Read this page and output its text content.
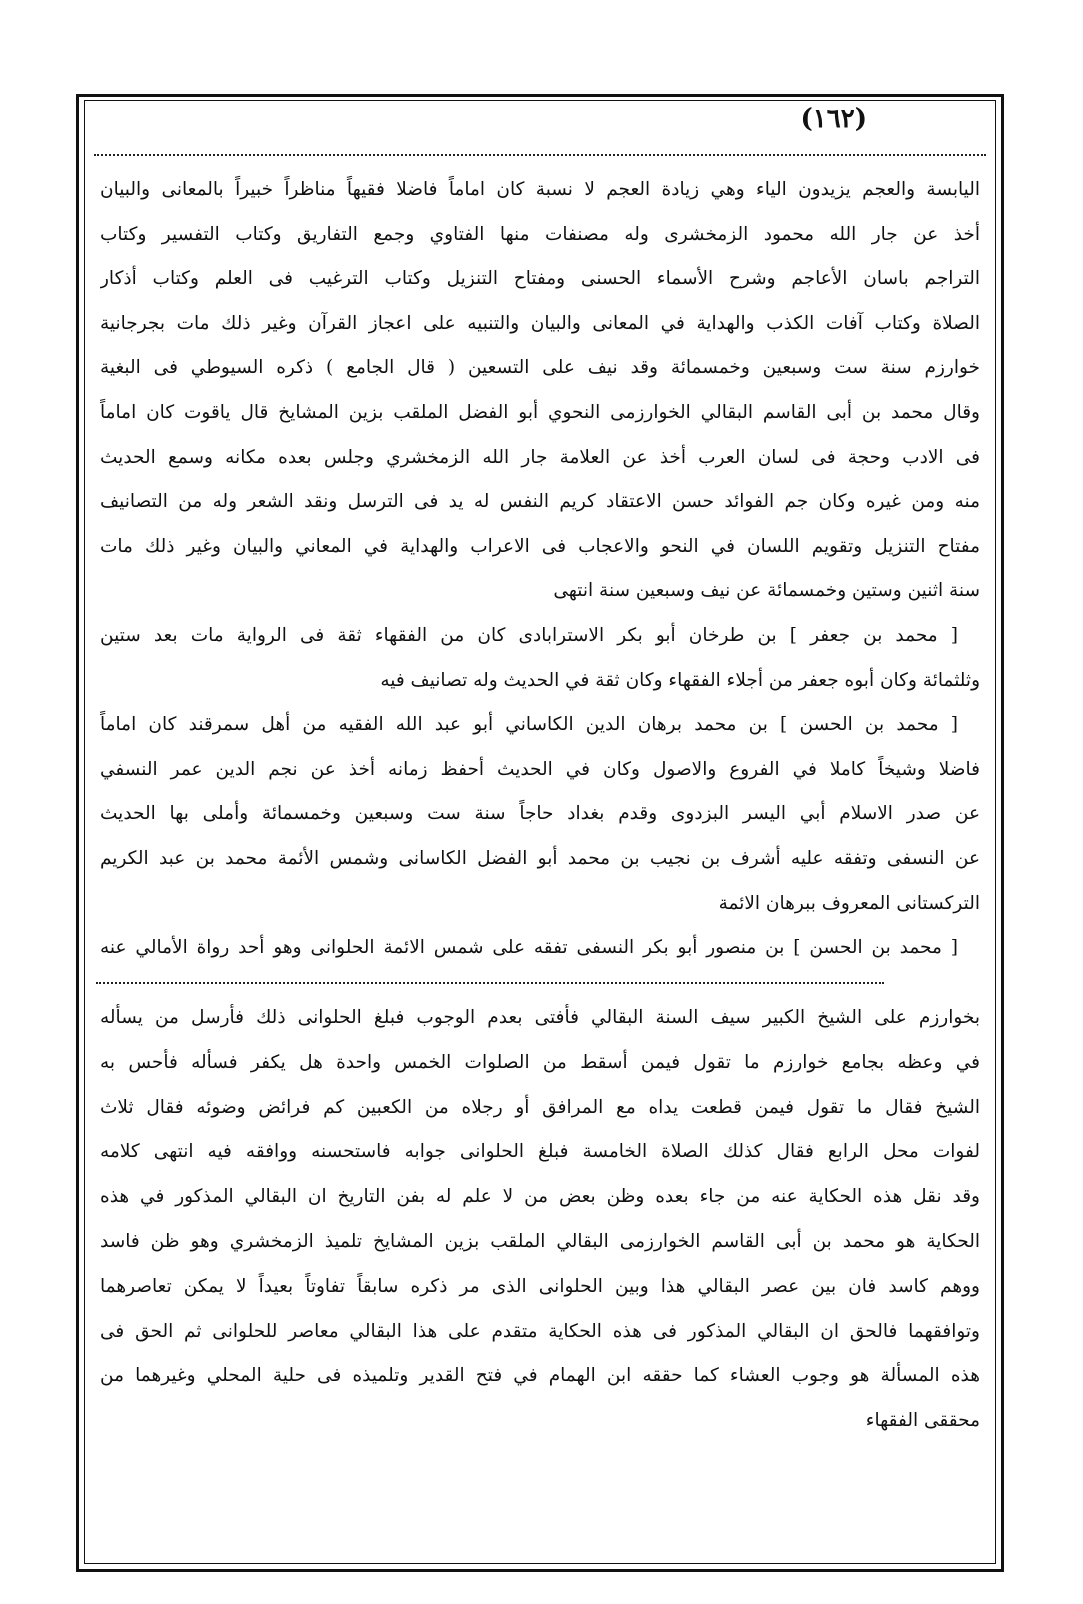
(١٦٢)
اليابسة والعجم يزيدون الياء وهي زيادة العجم لا نسبة كان اماماً فاضلا فقيهاً مناظراً خبيراً بالمعانى والبيان
أخذ عن جار الله محمود الزمخشرى وله مصنفات منها الفتاوي وجمع التفاريق وكتاب التفسير وكتاب
التراجم باسان الأعاجم وشرح الأسماء الحسنى ومفتاح التنزيل وكتاب الترغيب فى العلم وكتاب أذكار
الصلاة وكتاب آفات الكذب والهداية في المعانى والبيان والتنبيه على اعجاز القرآن وغير ذلك مات بجرجانية
خوارزم سنة ست وسبعين وخمسمائة وقد نيف على التسعين ( قال الجامع ) ذكره السيوطي فى البغية
وقال محمد بن أبى القاسم البقالي الخوارزمى النحوي أبو الفضل الملقب بزين المشايخ قال ياقوت كان اماماً
فى الادب وحجة فى لسان العرب أخذ عن العلامة جار الله الزمخشري وجلس بعده مكانه وسمع الحديث
منه ومن غيره وكان جم الفوائد حسن الاعتقاد كريم النفس له يد فى الترسل ونقد الشعر وله من التصانيف
مفتاح التنزيل وتقويم اللسان في النحو والاعجاب فى الاعراب والهداية في المعاني والبيان وغير ذلك مات
سنة اثنين وستين وخمسمائة عن نيف وسبعين سنة انتهى
[ محمد بن جعفر ] بن طرخان أبو بكر الاسترابادى كان من الفقهاء ثقة فى الرواية مات بعد ستين
وثلثمائة وكان أبوه جعفر من أجلاء الفقهاء وكان ثقة في الحديث وله تصانيف فيه
[ محمد بن الحسن ] بن محمد برهان الدين الكاساني أبو عبد الله الفقيه من أهل سمرقند كان اماماً
فاضلا وشيخاً كاملا في الفروع والاصول وكان في الحديث أحفظ زمانه أخذ عن نجم الدين عمر النسفي
عن صدر الاسلام أبي اليسر البزدوى وقدم بغداد حاجاً سنة ست وسبعين وخمسمائة وأملى بها الحديث
عن النسفى وتفقه عليه أشرف بن نجيب بن محمد أبو الفضل الكاسانى وشمس الأئمة محمد بن عبد الكريم
التركستانى المعروف ببرهان الائمة
[ محمد بن الحسن ] بن منصور أبو بكر النسفى تفقه على شمس الائمة الحلوانى وهو أحد رواة الأمالي عنه
بخوارزم على الشيخ الكبير سيف السنة البقالي فأفتى بعدم الوجوب فبلغ الحلوانى ذلك فأرسل من يسأله
في وعظه بجامع خوارزم ما تقول فيمن أسقط من الصلوات الخمس واحدة هل يكفر فسأله فأحس به
الشيخ فقال ما تقول فيمن قطعت يداه مع المرافق أو رجلاه من الكعبين كم فرائض وضوئه فقال ثلاث
لفوات محل الرابع فقال كذلك الصلاة الخامسة فبلغ الحلوانى جوابه فاستحسنه ووافقه فيه انتهى كلامه
وقد نقل هذه الحكاية عنه من جاء بعده وظن بعض من لا علم له بفن التاريخ ان البقالي المذكور في هذه
الحكاية هو محمد بن أبى القاسم الخوارزمى البقالي الملقب بزين المشايخ تلميذ الزمخشري وهو ظن فاسد
ووهم كاسد فان بين عصر البقالي هذا وبين الحلوانى الذى مر ذكره سابقاً تفاوتاً بعيداً لا يمكن تعاصرهما
وتوافقهما فالحق ان البقالي المذكور فى هذه الحكاية متقدم على هذا البقالي معاصر للحلوانى ثم الحق فى
هذه المسألة هو وجوب العشاء كما حققه ابن الهمام في فتح القدير وتلميذه فى حلية المحلي وغيرهما من
محققى الفقهاء
